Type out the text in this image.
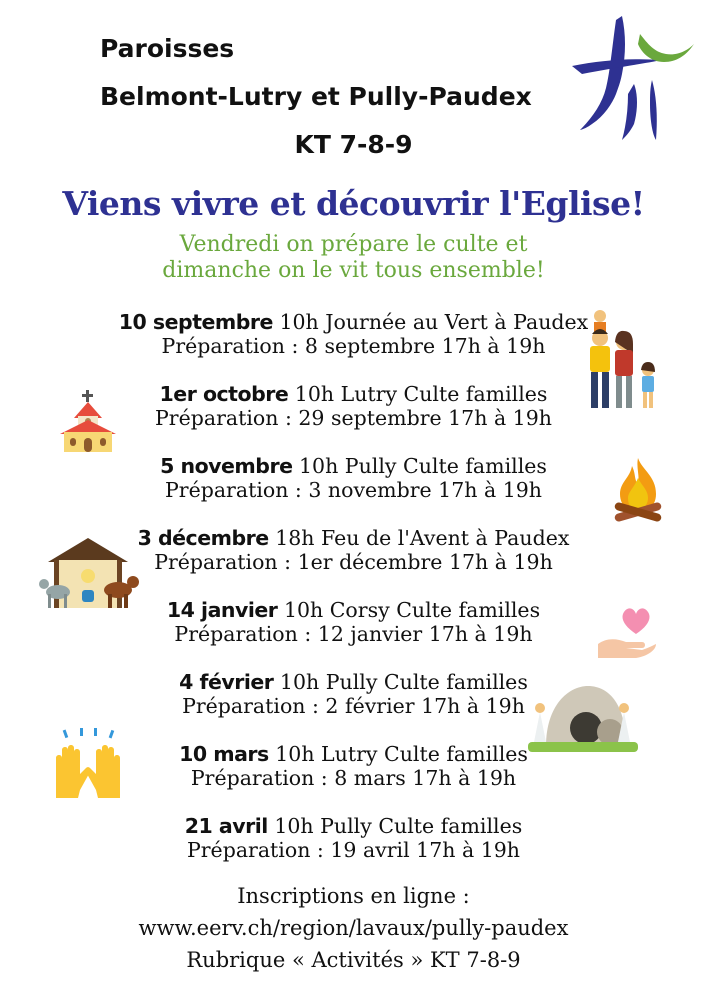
Paroisses
Belmont-Lutry et Pully-Paudex
KT 7-8-9
Viens vivre et découvrir l'Eglise!
Vendredi on prépare le culte et
dimanche on le vit tous ensemble!
10 septembre 10h Journée au Vert à Paudex
Préparation : 8 septembre 17h à 19h
1er octobre 10h Lutry Culte familles
Préparation : 29 septembre 17h à 19h
5 novembre 10h Pully Culte familles
Préparation : 3 novembre 17h à 19h
3 décembre 18h Feu de l'Avent à Paudex
Préparation : 1er décembre 17h à 19h
14 janvier 10h Corsy Culte familles
Préparation : 12 janvier 17h à 19h
4 février 10h Pully Culte familles
Préparation : 2 février 17h à 19h
10 mars 10h Lutry Culte familles
Préparation : 8 mars 17h à 19h
21 avril 10h Pully Culte familles
Préparation : 19 avril 17h à 19h
Inscriptions en ligne :
www.eerv.ch/region/lavaux/pully-paudex
Rubrique « Activités » KT 7-8-9
